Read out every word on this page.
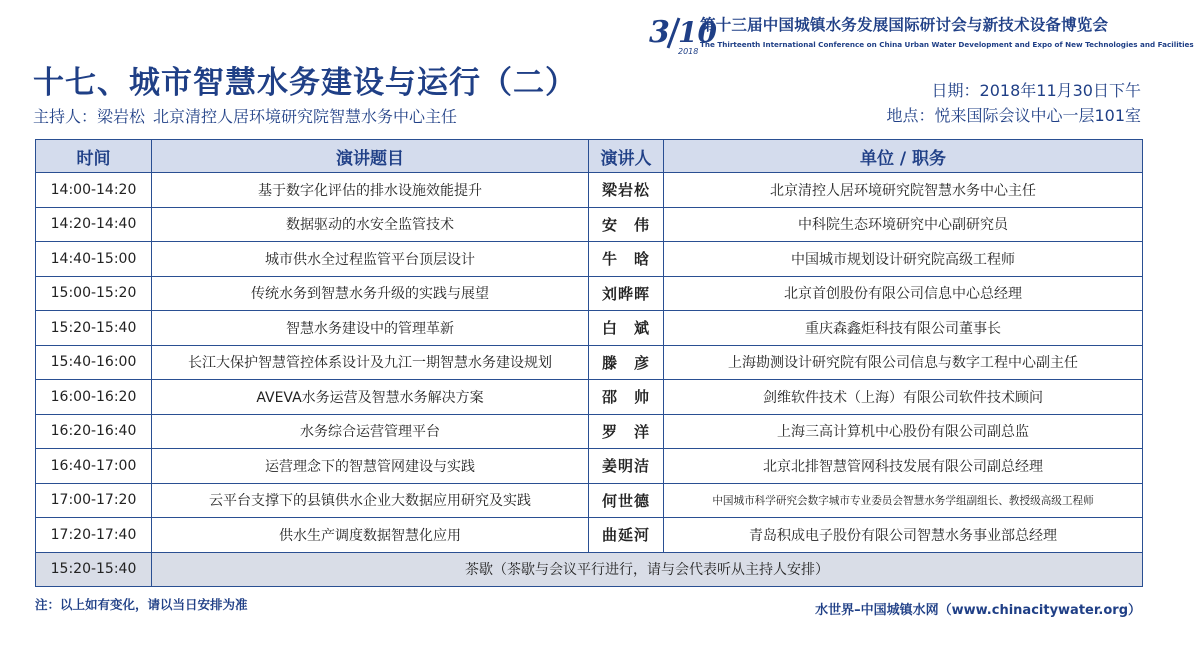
3 10
2018
第十三届中国城镇水务发展国际研讨会与新技术设备博览会
The Thirteenth International Conference on China Urban Water Development and Expo of New Technologies and Facilities
十七、城市智慧水务建设与运行（二）
主持人：梁岩松 北京清控人居环境研究院智慧水务中心主任
日期：2018年11月30日下午
地点：悦来国际会议中心一层101室
时间	演讲题目	演讲人	单位 / 职务
14:00-14:20	基于数字化评估的排水设施效能提升	梁岩松	北京清控人居环境研究院智慧水务中心主任
14:20-14:40	数据驱动的水安全监管技术	安　伟	中科院生态环境研究中心副研究员
14:40-15:00	城市供水全过程监管平台顶层设计	牛　晗	中国城市规划设计研究院高级工程师
15:00-15:20	传统水务到智慧水务升级的实践与展望	刘晔晖	北京首创股份有限公司信息中心总经理
15:20-15:40	智慧水务建设中的管理革新	白　斌	重庆森鑫炬科技有限公司董事长
15:40-16:00	长江大保护智慧管控体系设计及九江一期智慧水务建设规划	滕　彦	上海勘测设计研究院有限公司信息与数字工程中心副主任
16:00-16:20	AVEVA水务运营及智慧水务解决方案	邵　帅	剑维软件技术（上海）有限公司软件技术顾问
16:20-16:40	水务综合运营管理平台	罗　洋	上海三高计算机中心股份有限公司副总监
16:40-17:00	运营理念下的智慧管网建设与实践	姜明洁	北京北排智慧管网科技发展有限公司副总经理
17:00-17:20	云平台支撑下的县镇供水企业大数据应用研究及实践	何世德	中国城市科学研究会数字城市专业委员会智慧水务学组副组长、教授级高级工程师
17:20-17:40	供水生产调度数据智慧化应用	曲延河	青岛积成电子股份有限公司智慧水务事业部总经理
15:20-15:40	茶歇（茶歇与会议平行进行，请与会代表听从主持人安排）		
注：以上如有变化，请以当日安排为准	水世界–中国城镇水网（www.chinacitywater.org）
